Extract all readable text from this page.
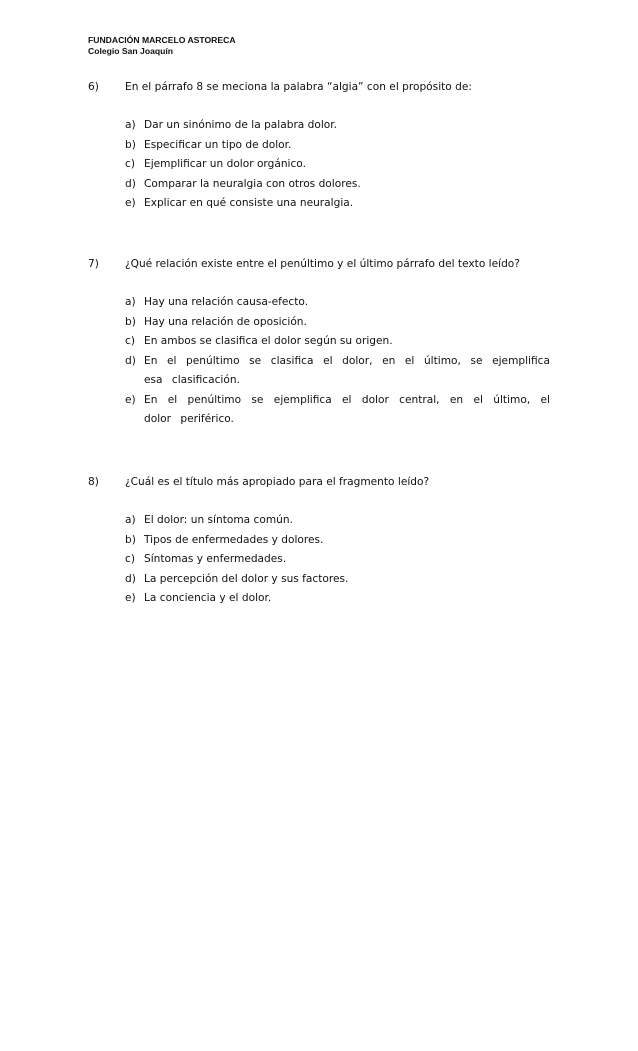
FUNDACIÓN MARCELO ASTORECA
Colegio San Joaquín
6) En el párrafo 8 se meciona la palabra “algia” con el propósito de:
a) Dar un sinónimo de la palabra dolor.
b) Especificar un tipo de dolor.
c) Ejemplificar un dolor orgánico.
d) Comparar la neuralgia con otros dolores.
e) Explicar en qué consiste una neuralgia.
7) ¿Qué relación existe entre el penúltimo y el último párrafo del texto leído?
a) Hay una relación causa-efecto.
b) Hay una relación de oposición.
c) En ambos se clasifica el dolor según su origen.
d) En el penúltimo se clasifica el dolor, en el último, se ejemplifica esa clasificación.
e) En el penúltimo se ejemplifica el dolor central, en el último, el dolor periférico.
8) ¿Cuál es el título más apropiado para el fragmento leído?
a) El dolor: un síntoma común.
b) Tipos de enfermedades y dolores.
c) Síntomas y enfermedades.
d) La percepción del dolor y sus factores.
e) La conciencia y el dolor.
